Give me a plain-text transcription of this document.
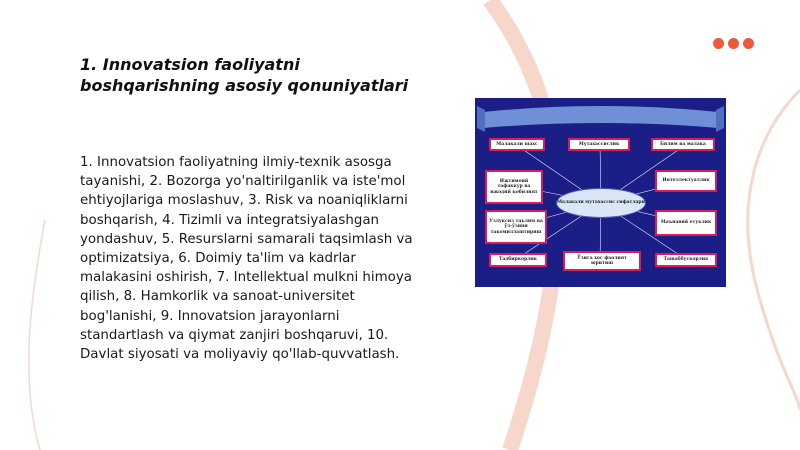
1. Innovatsion faoliyatni boshqarishning asosiy qonuniyatlari

1. Innovatsion faoliyatning ilmiy-texnik asosga tayanishi, 2. Bozorga yo'naltirilganlik va iste'mol ehtiyojlariga moslashuv, 3. Risk va noaniqliklarni boshqarish, 4. Tizimli va integratsiyalashgan yondashuv, 5. Resurslarni samarali taqsimlash va optimizatsiya, 6. Doimiy ta'lim va kadrlar malakasini oshirish, 7. Intellektual mulkni himoya qilish, 8. Hamkorlik va sanoat-universitet bog'lanishi, 9. Innovatsion jarayonlarni standartlash va qiymat zanjiri boshqaruvi, 10. Davlat siyosati va moliyaviy qo'llab-quvvatlash.

Малакали шахс	Мутахассислик	Билим ва малака
Ижтимоий тафаккур ва ижодий қобилият
Узлуксиз таълим ва ўз-ўзини такомиллаштириш
Малакали мутахассис сифатлари
Интеллектуаллик
Маънавий етуклик
Тадбиркорлик	Ўзига хос фаолият юритиш
Ташаббускорлик
